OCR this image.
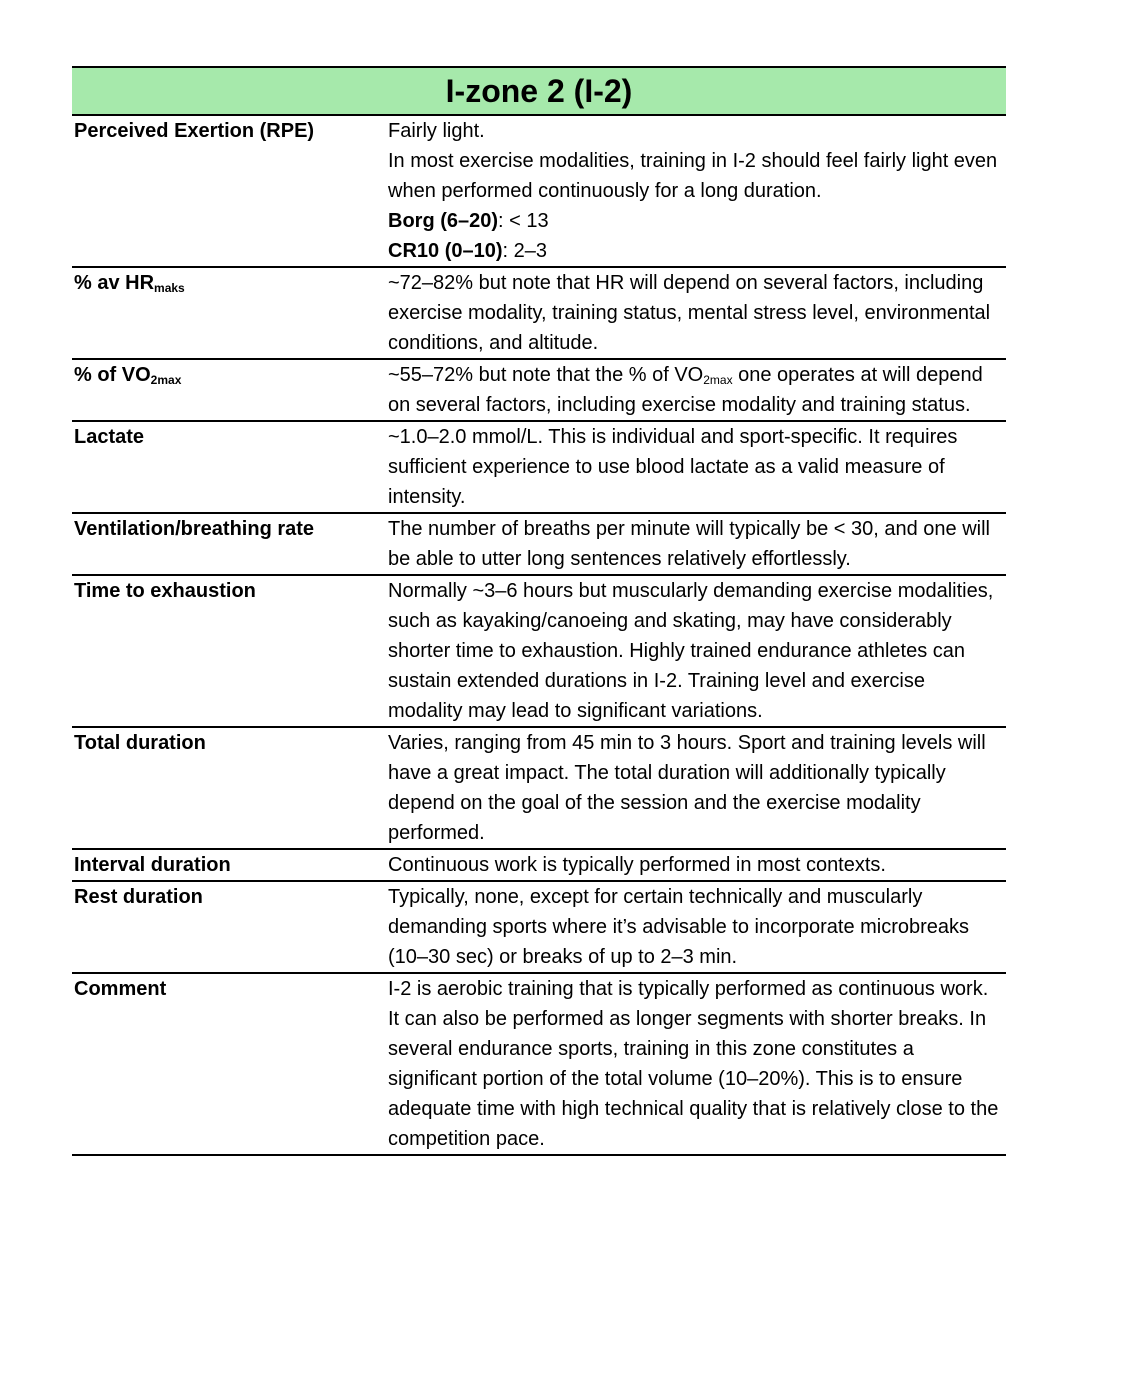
I-zone 2 (I-2)
Perceived Exertion (RPE)	Fairly light.

In most exercise modalities, training in I-2 should feel fairly light even when performed continuously for a long duration.

Borg (6–20): < 13

CR10 (0–10): 2–3

% av $HR_{maks}$	~72–82% but note that HR will depend on several factors, including exercise modality, training status, mental stress level, environmental conditions, and altitude.
% of $VO_{2max}$	~55–72% but note that the % of $VO_{2max}$ one operates at will depend on several factors, including exercise modality and training status.
Lactate	~1.0–2.0 mmol/L. This is individual and sport-specific. It requires sufficient experience to use blood lactate as a valid measure of intensity.
Ventilation/breathing rate	The number of breaths per minute will typically be < 30, and one will be able to utter long sentences relatively effortlessly.
Time to exhaustion	Normally ~3–6 hours but muscularly demanding exercise modalities, such as kayaking/canoeing and skating, may have considerably shorter time to exhaustion. Highly trained endurance athletes can sustain extended durations in I-2. Training level and exercise modality may lead to significant variations.
Total duration	Varies, ranging from 45 min to 3 hours. Sport and training levels will have a great impact. The total duration will additionally typically depend on the goal of the session and the exercise modality performed.
Interval duration	Continuous work is typically performed in most contexts.
Rest duration	Typically, none, except for certain technically and muscularly demanding sports where it’s advisable to incorporate microbreaks (10–30 sec) or breaks of up to 2–3 min.
Comment	I-2 is aerobic training that is typically performed as continuous work. It can also be performed as longer segments with shorter breaks. In several endurance sports, training in this zone constitutes a significant portion of the total volume (10–20%). This is to ensure adequate time with high technical quality that is relatively close to the competition pace.
